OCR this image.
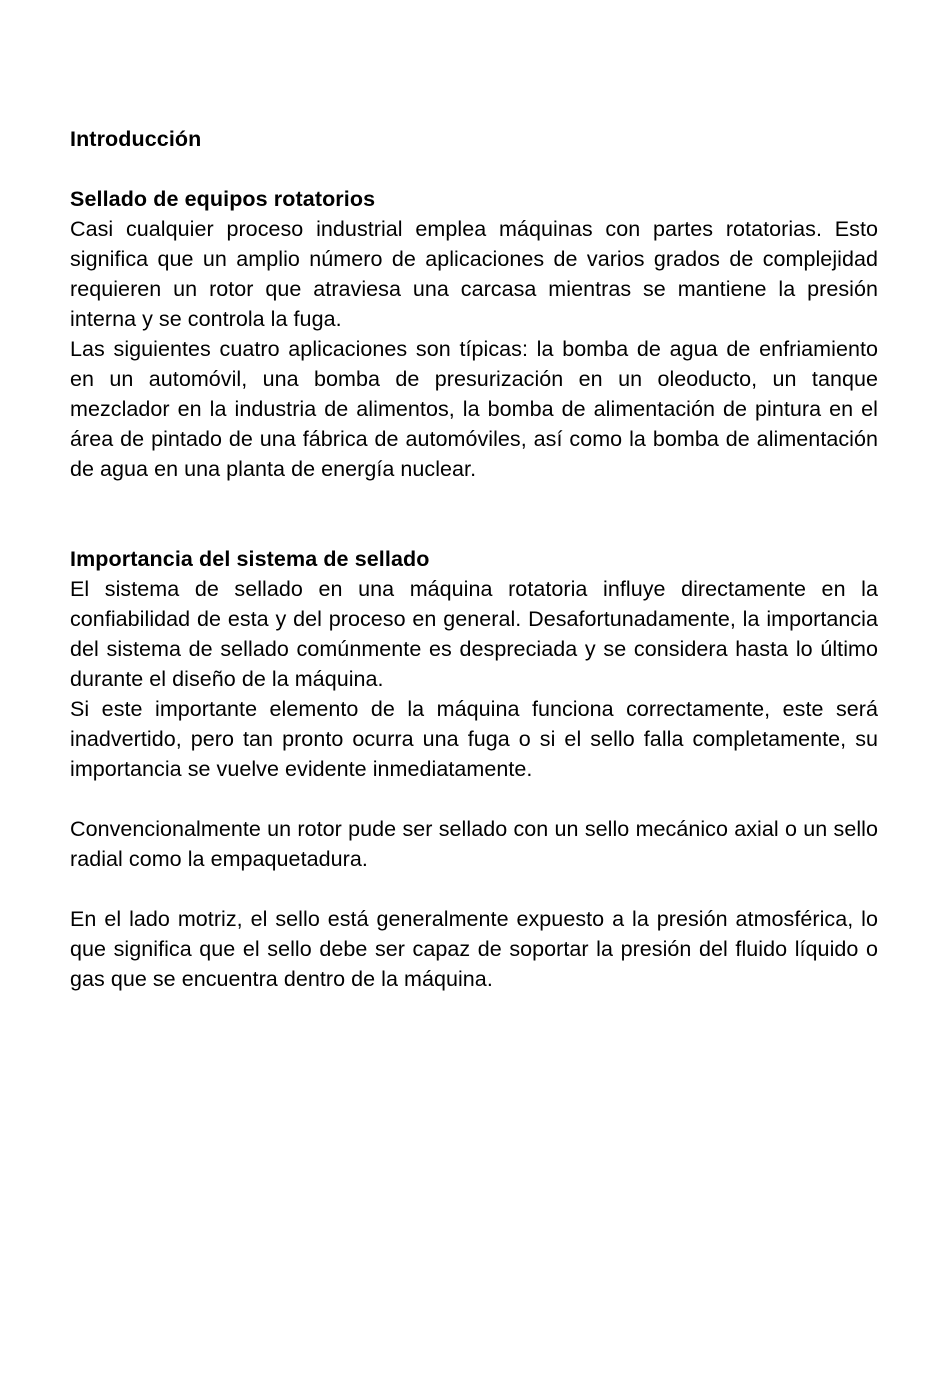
Introducción
Sellado de equipos rotatorios

Casi cualquier proceso industrial emplea máquinas con partes rotatorias. Esto significa que un amplio número de aplicaciones de varios grados de complejidad requieren un rotor que atraviesa una carcasa mientras se mantiene la presión interna y se controla la fuga.

Las siguientes cuatro aplicaciones son típicas: la bomba de agua de enfriamiento en un automóvil, una bomba de presurización en un oleoducto, un tanque mezclador en la industria de alimentos, la bomba de alimentación de pintura en el área de pintado de una fábrica de automóviles, así como la bomba de alimentación de agua en una planta de energía nuclear.

Importancia del sistema de sellado

El sistema de sellado en una máquina rotatoria influye directamente en la confiabilidad de esta y del proceso en general. Desafortunadamente, la importancia del sistema de sellado comúnmente es despreciada y se considera hasta lo último durante el diseño de la máquina.

Si este importante elemento de la máquina funciona correctamente, este será inadvertido, pero tan pronto ocurra una fuga o si el sello falla completamente, su importancia se vuelve evidente inmediatamente.

Convencionalmente un rotor pude ser sellado con un sello mecánico axial o un sello radial como la empaquetadura.

En el lado motriz, el sello está generalmente expuesto a la presión atmosférica, lo que significa que el sello debe ser capaz de soportar la presión del fluido líquido o gas que se encuentra dentro de la máquina.
